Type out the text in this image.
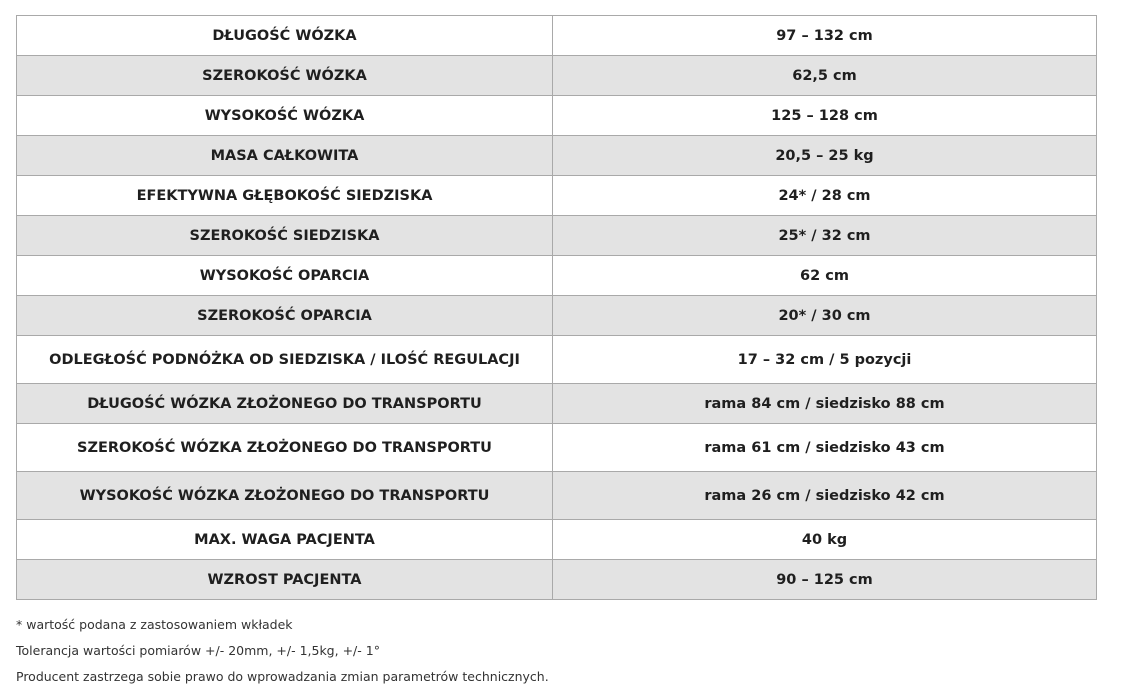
DŁUGOŚĆ WÓZKA	97 – 132 cm
SZEROKOŚĆ WÓZKA	62,5 cm
WYSOKOŚĆ WÓZKA	125 – 128 cm
MASA CAŁKOWITA	20,5 – 25 kg
EFEKTYWNA GŁĘBOKOŚĆ SIEDZISKA	24* / 28 cm
SZEROKOŚĆ SIEDZISKA	25* / 32 cm
WYSOKOŚĆ OPARCIA	62 cm
SZEROKOŚĆ OPARCIA	20* / 30 cm
ODLEGŁOŚĆ PODNÓŻKA OD SIEDZISKA / ILOŚĆ REGULACJI	17 – 32 cm / 5 pozycji
DŁUGOŚĆ WÓZKA ZŁOŻONEGO DO TRANSPORTU	rama 84 cm / siedzisko 88 cm
SZEROKOŚĆ WÓZKA ZŁOŻONEGO DO TRANSPORTU	rama 61 cm / siedzisko 43 cm
WYSOKOŚĆ WÓZKA ZŁOŻONEGO DO TRANSPORTU	rama 26 cm / siedzisko 42 cm
MAX. WAGA PACJENTA	40 kg
WZROST PACJENTA	90 – 125 cm

* wartość podana z zastosowaniem wkładek

Tolerancja wartości pomiarów +/- 20mm, +/- 1,5kg, +/- 1°

Producent zastrzega sobie prawo do wprowadzania zmian parametrów technicznych.
